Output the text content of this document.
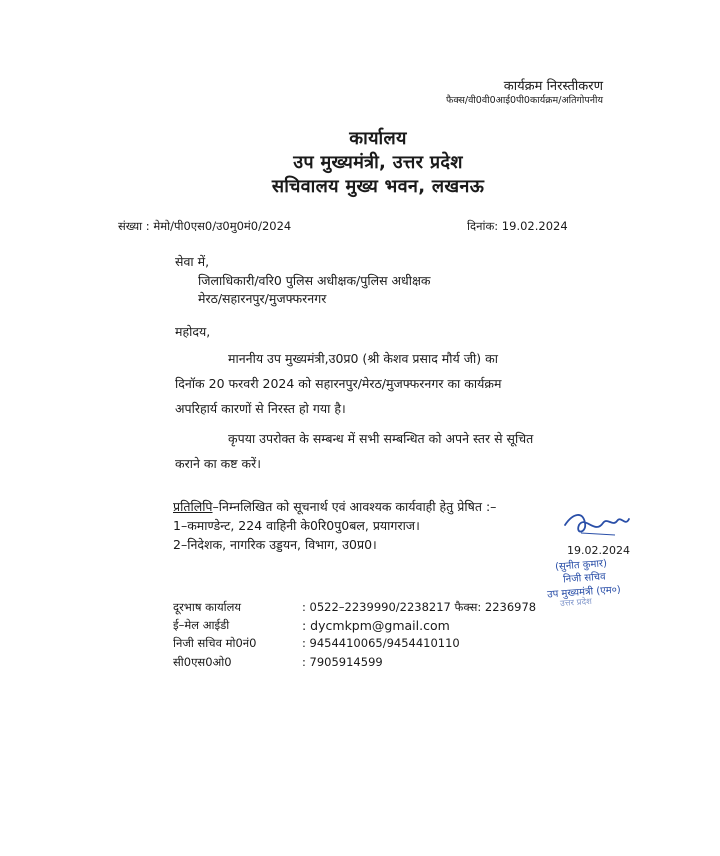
कार्यक्रम निरस्तीकरण
फैक्स/वी0वी0आई0पी0कार्यक्रम/अतिगोपनीय
कार्यालय
उप मुख्यमंत्री, उत्तर प्रदेश
सचिवालय मुख्य भवन, लखनऊ
संख्या : मेमो/पी0एस0/उ0मु0मं0/2024	दिनांक: 19.02.2024
सेवा में,
जिलाधिकारी/वरि0 पुलिस अधीक्षक/पुलिस अधीक्षक
मेरठ/सहारनपुर/मुजफ्फरनगर
महोदय,
माननीय उप मुख्यमंत्री,उ0प्र0 (श्री केशव प्रसाद मौर्य जी) का
दिनॉक 20 फरवरी 2024 को सहारनपुर/मेरठ/मुजफ्फरनगर का कार्यक्रम
अपरिहार्य कारणों से निरस्त हो गया है।
कृपया उपरोक्त के सम्बन्ध में सभी सम्बन्धित को अपने स्तर से सूचित
कराने का कष्ट करें।
प्रतिलिपि–निम्नलिखित को सूचनार्थ एवं आवश्यक कार्यवाही हेतु प्रेषित :–
1–कमाण्डेन्ट, 224 वाहिनी के0रि0पु0बल, प्रयागराज।
2–निदेशक, नागरिक उड्डयन, विभाग, उ0प्र0।	19.02.2024
(सुनीत कुमार)
निजी सचिव
उप मुख्यमंत्री (एम०)
उत्तर प्रदेश
दूरभाष कार्यालय	: 0522–2239990/2238217 फैक्स: 2236978
ई–मेल आईडी	: dycmkpm@gmail.com
निजी सचिव मो0नं0	: 9454410065/9454410110
सी0एस0ओ0	: 7905914599
